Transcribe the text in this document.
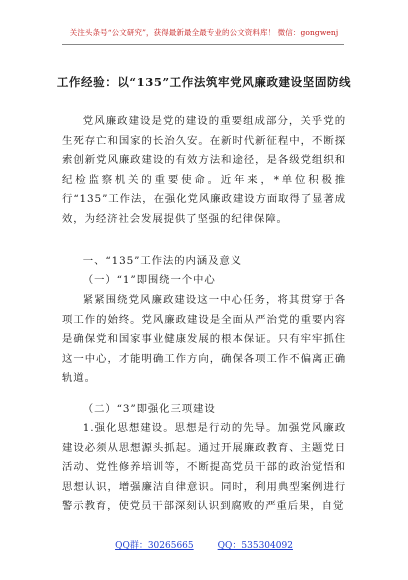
关注头条号“公文研究”，获得最新最全最专业的公文资料库！ 微信：gongwenj
工作经验：以“135”工作法筑牢党风廉政建设坚固防线

党风廉政建设是党的建设的重要组成部分，关乎党的生死存亡和国家的长治久安。在新时代新征程中，不断探索创新党风廉政建设的有效方法和途径，是各级党组织和纪检监察机关的重要使命。近年来，*单位积极推行“135”工作法，在强化党风廉政建设方面取得了显著成效，为经济社会发展提供了坚强的纪律保障。

一、“135”工作法的内涵及意义

（一）“1”即围绕一个中心

紧紧围绕党风廉政建设这一中心任务，将其贯穿于各项工作的始终。党风廉政建设是全面从严治党的重要内容是确保党和国家事业健康发展的根本保证。只有牢牢抓住这一中心，才能明确工作方向，确保各项工作不偏离正确轨道。

（二）“3”即强化三项建设

1.强化思想建设。思想是行动的先导。加强党风廉政建设必须从思想源头抓起。通过开展廉政教育、主题党日活动、党性修养培训等，不断提高党员干部的政治觉悟和思想认识，增强廉洁自律意识。同时，利用典型案例进行警示教育，使党员干部深刻认识到腐败的严重后果，自觉

QQ群：30265665	QQ：535304092
